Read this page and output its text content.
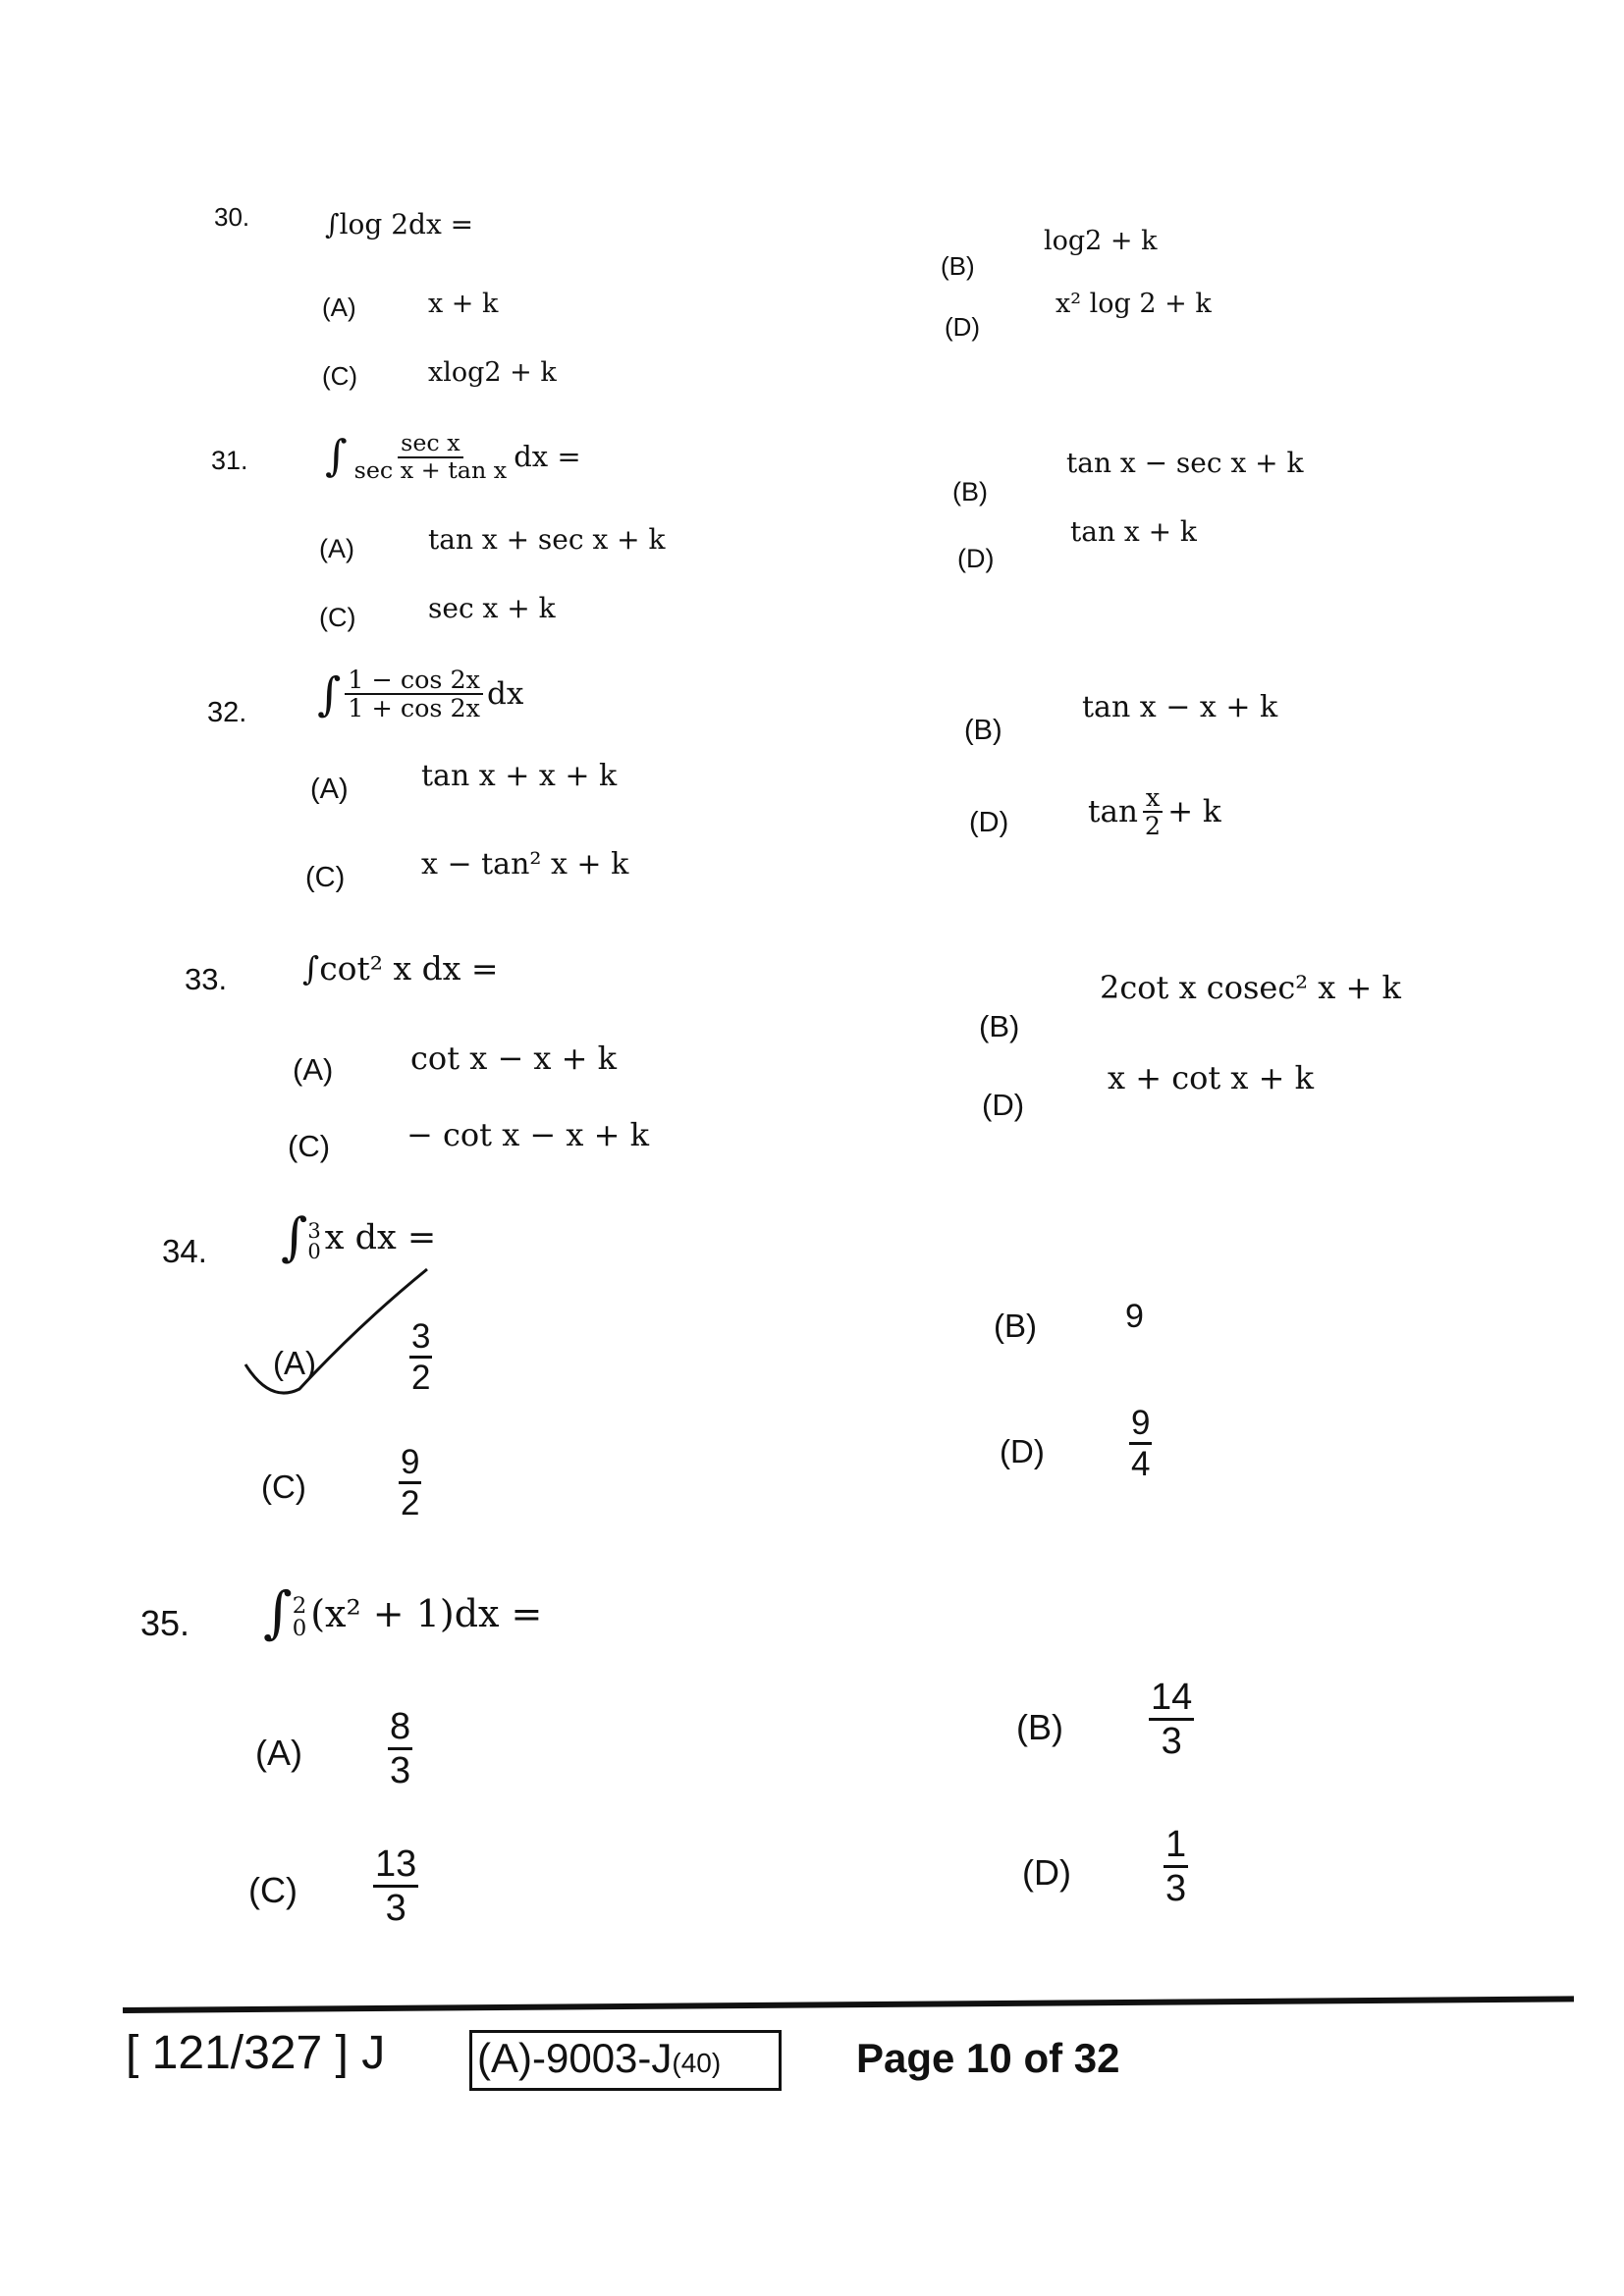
30.	∫log 2dx =
(A)	x + k
(B)
log2 + k
(C)	xlog2 + k
(D)
x² log 2 + k
31. ∫ $\frac{\text{sec x}}{\text{sec x + tan x}}$ dx =
(A)	tan x + sec x + k
(B)
tan x − sec x + k
(C)	sec x + k
(D)
tan x + k
32. ∫ $\frac{1 - \cos 2x}{1 + \cos 2x}$ dx
(A) tan x + x + k
(B)
tan x − x + k
(C)	x − tan² x + k
(D)	$\tan \frac{x}{2} + k$
33. ∫cot² x dx =
(A) cot x − x + k
(B)
2cot x cosec² x + k
(C) − cot x − x + k
(D)
x + cot x + k
34. ∫ 3
0 x dx =
(A)	$\frac{3}{2}$	(B)	9
(C)	$\frac{9}{2}$	$(D) \frac{9}{4}$
35. ∫ 2
0 (x² + 1)dx =
$(A) \frac{8}{3}$	$(B) \frac{14}{3}$
$(C) \frac{13}{3}$	$(D) \frac{1}{3}$
[ 121/327 ] J (A)-9003-J(40)	Page 10 of 32
